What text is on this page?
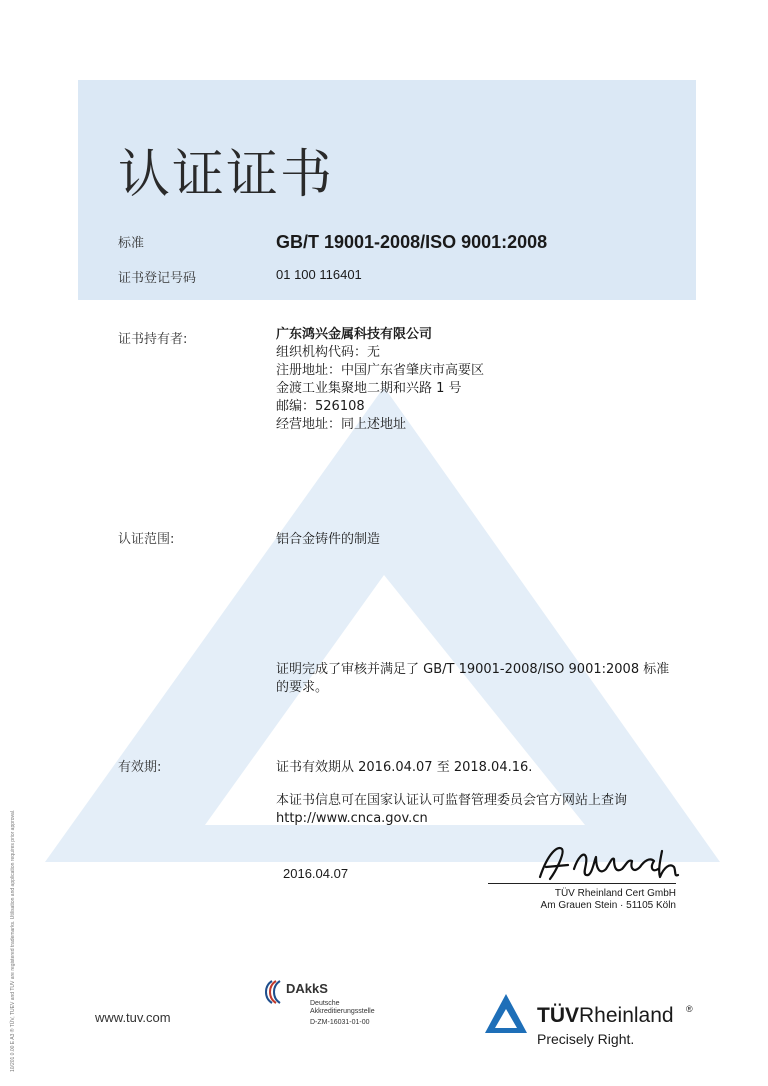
认证证书
标准	GB/T 19001-2008/ISO 9001:2008
证书登记号码	01 100 116401
证书持有者:	广东鸿兴金属科技有限公司
组织机构代码：无
注册地址：中国广东省肇庆市高要区
金渡工业集聚地二期和兴路 1 号
邮编：526108
经营地址：同上述地址
认证范围:	铝合金铸件的制造
证明完成了审核并满足了 GB/T 19001-2008/ISO 9001:2008 标准
的要求。
有效期:	证书有效期从 2016.04.07 至 2018.04.16.
本证书信息可在国家认证认可监督管理委员会官方网站上查询
http://www.cnca.gov.cn
2016.04.07
TÜV Rheinland Cert GmbH
Am Grauen Stein · 51105 Köln
10/201 0.00 E A3 ® TÜV, TUEV and TUV are registered trademarks. Utilisation and application requires prior approval.	www.tuv.com
DAkkS
Deutsche
Akkreditierungsstelle
D-ZM-16031-01-00	TÜVRheinland ®
Precisely Right.
